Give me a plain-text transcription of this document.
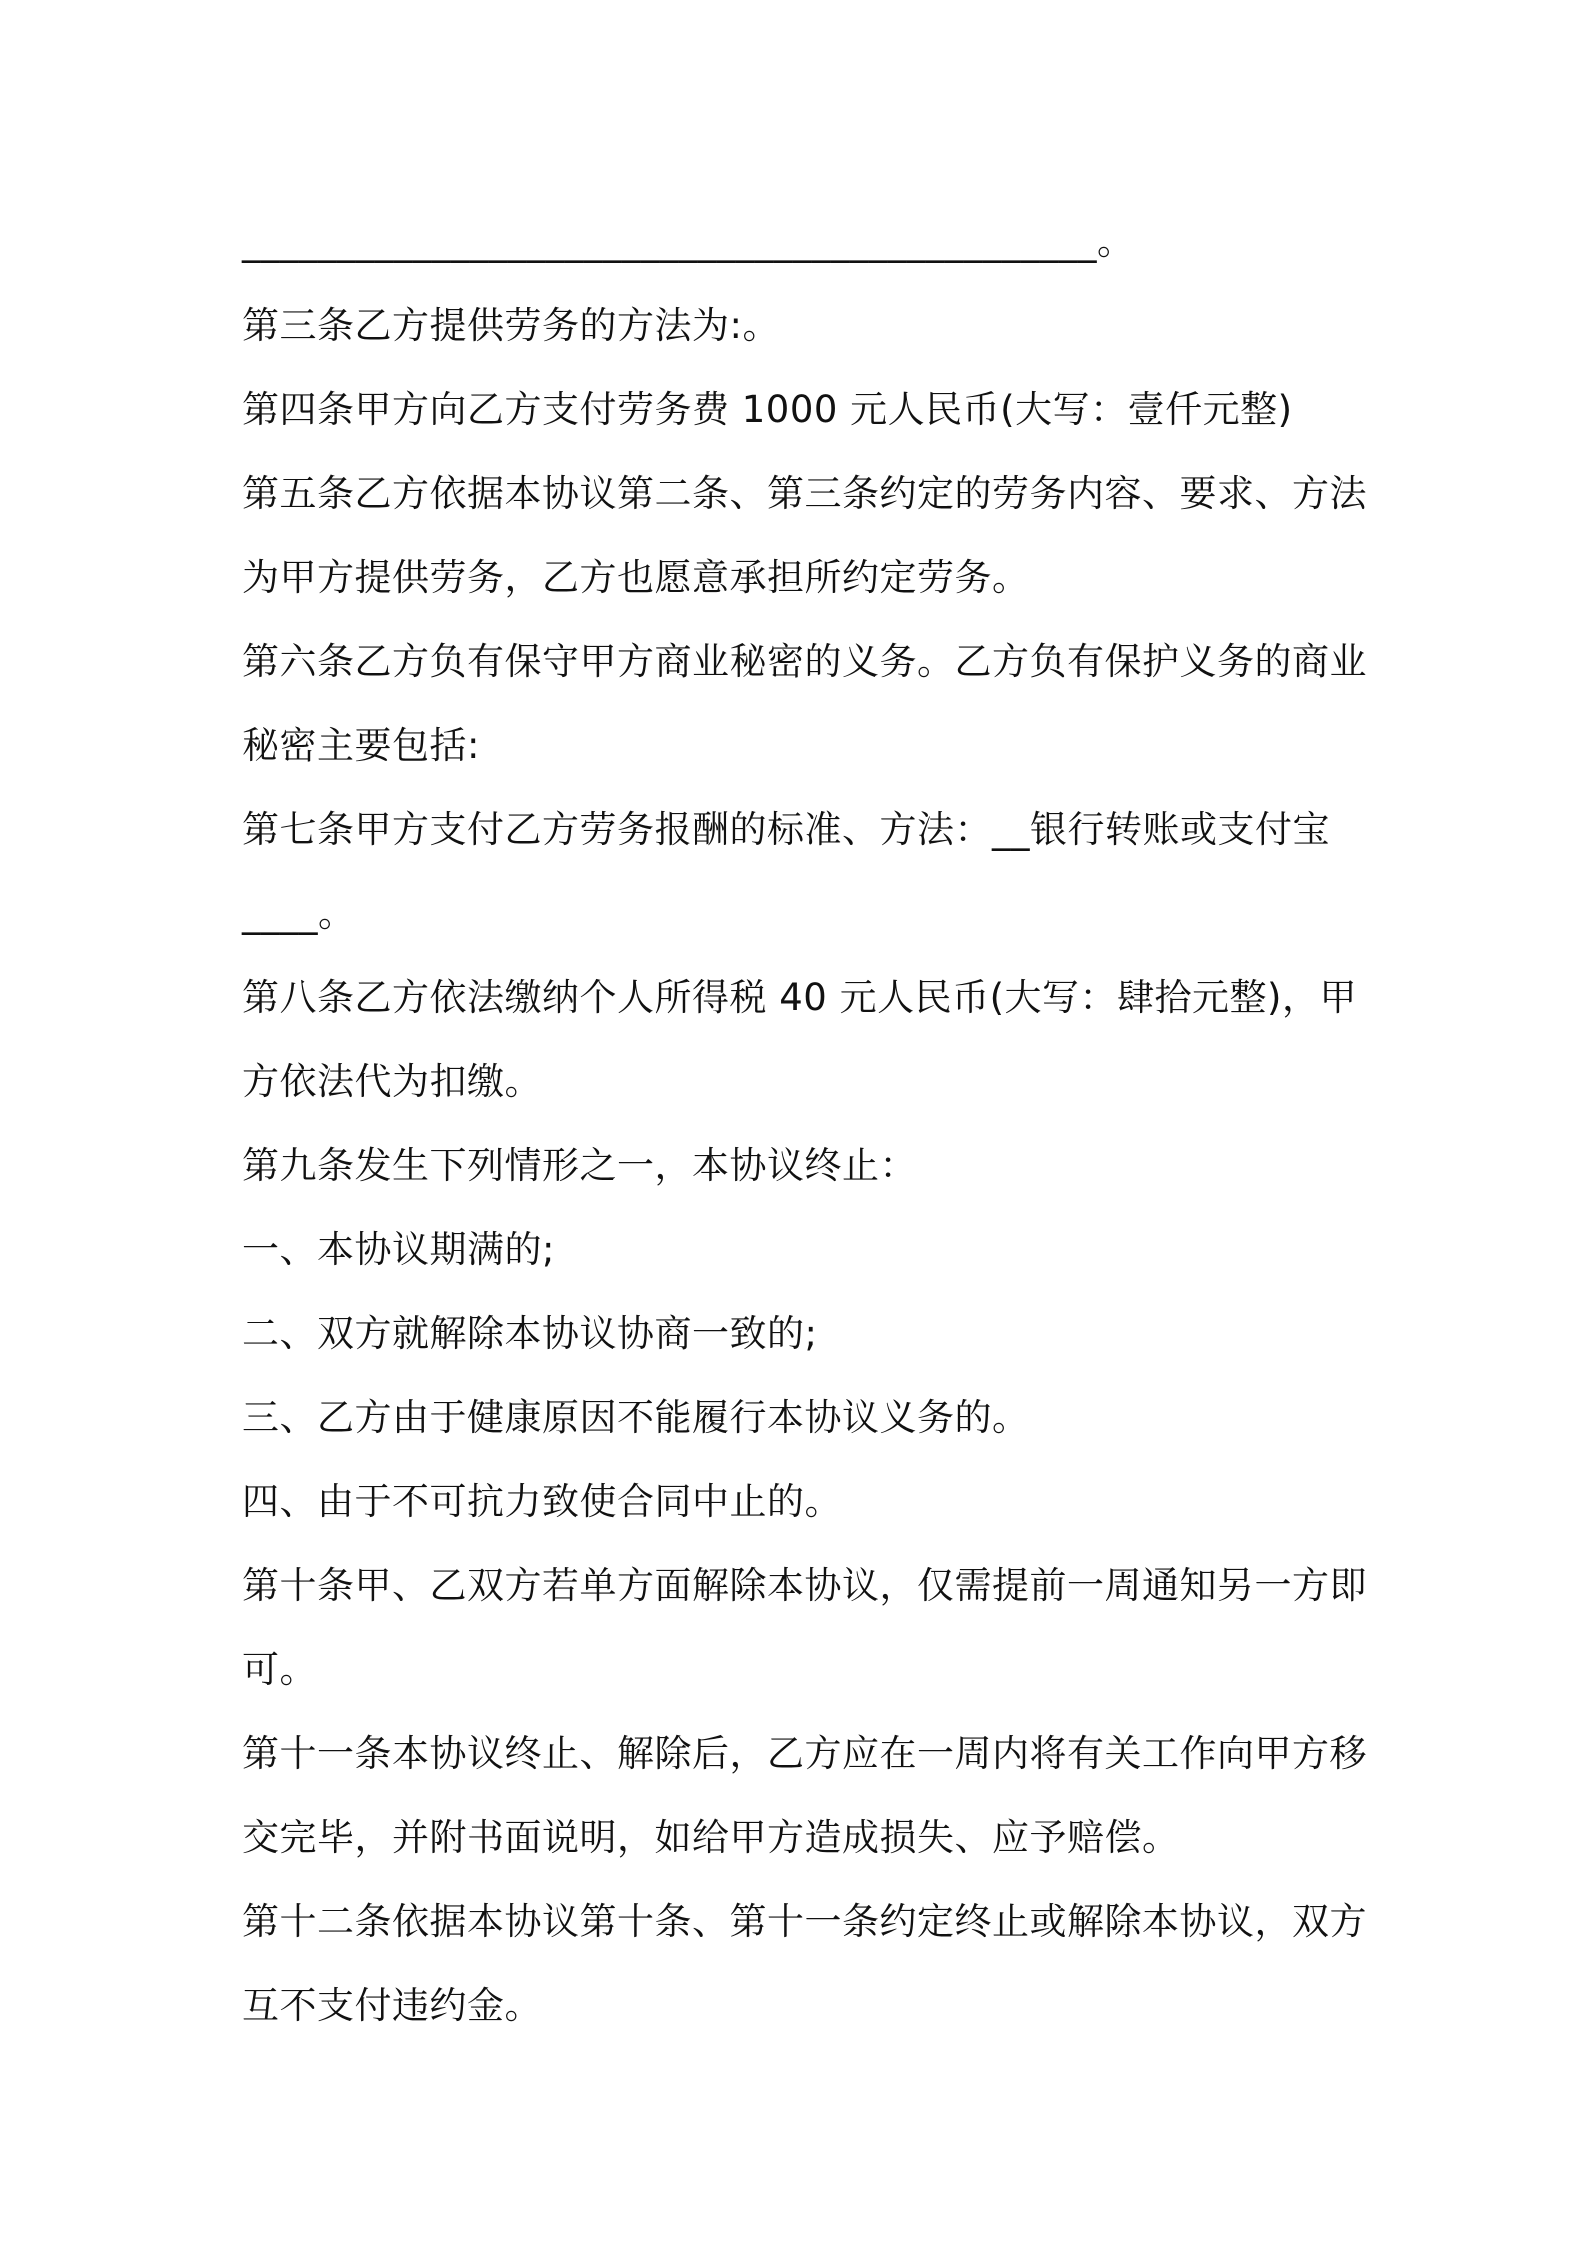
_____________________________________________。

第三条乙方提供劳务的方法为:。

第四条甲方向乙方支付劳务费 1000 元人民币(大写：壹仟元整)

第五条乙方依据本协议第二条、第三条约定的劳务内容、要求、方法

为甲方提供劳务，乙方也愿意承担所约定劳务。

第六条乙方负有保守甲方商业秘密的义务。乙方负有保护义务的商业

秘密主要包括:

第七条甲方支付乙方劳务报酬的标准、方法：__银行转账或支付宝

____。

第八条乙方依法缴纳个人所得税 40 元人民币(大写：肆拾元整)，甲

方依法代为扣缴。

第九条发生下列情形之一，本协议终止：

一、本协议期满的;

二、双方就解除本协议协商一致的;

三、乙方由于健康原因不能履行本协议义务的。

四、由于不可抗力致使合同中止的。

第十条甲、乙双方若单方面解除本协议，仅需提前一周通知另一方即

可。

第十一条本协议终止、解除后，乙方应在一周内将有关工作向甲方移

交完毕，并附书面说明，如给甲方造成损失、应予赔偿。

第十二条依据本协议第十条、第十一条约定终止或解除本协议，双方

互不支付违约金。
